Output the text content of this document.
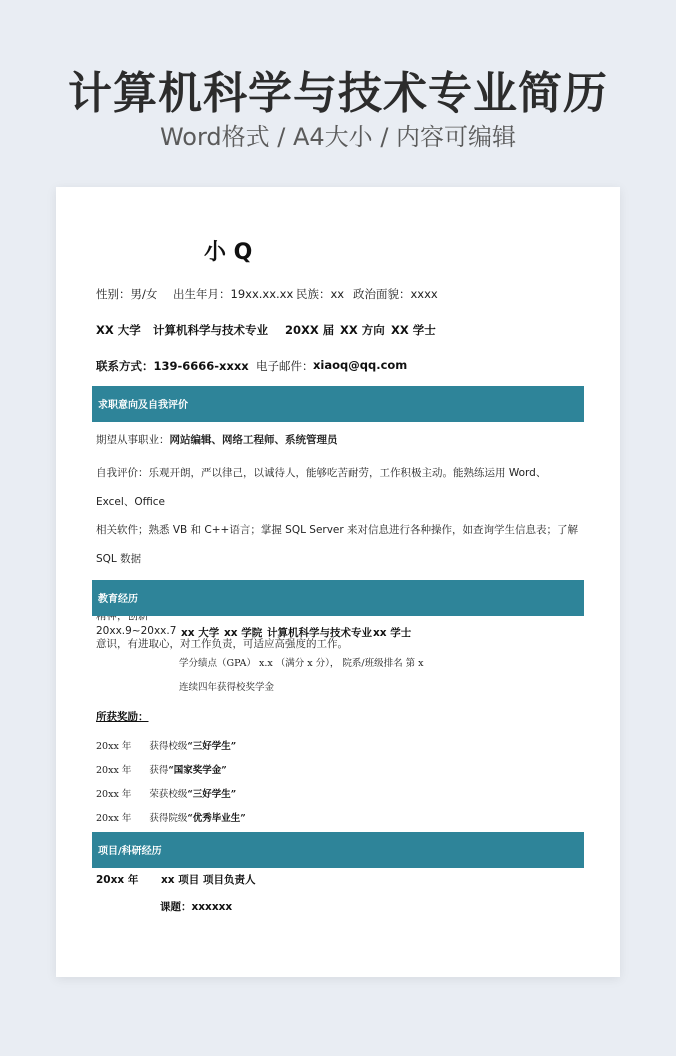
计算机科学与技术专业简历
Word格式 / A4大小 / 内容可编辑
小 Q
性别：男/女 出生年月：19xx.xx.xx 民族：xx 政治面貌：xxxx
XX 大学 计算机科学与技术专业 20XX 届 XX 方向 XX 学士
联系方式：139-6666-xxxx 电子邮件： xiaoq@qq.com
求职意向及自我评价
期望从事职业：网站编辑、网络工程师、系统管理员
自我评价：乐观开朗，严以律己，以诚待人，能够吃苦耐劳，工作积极主动。能熟练运用 Word、Excel、Office
相关软件；熟悉 VB 和 C++语言；掌握 SQL Server 来对信息进行各种操作，如查询学生信息表；了解 SQL 数据
意识，有进取心，对工作负责，可适应高强度的工作。
教育经历
20xx.9~20xx.7 xx 大学 xx 学院 计算机科学与技术专业 xx 学士
学分绩点（GPA） x.x （满分 x 分）， 院系/班级排名 第 x
连续四年获得校奖学金
所获奖励：
20xx 年 获得校级“三好学生”
20xx 年 获得“国家奖学金”
20xx 年 荣获校级“三好学生”
20xx 年 获得院级“优秀毕业生”
项目/科研经历
20xx 年 xx 项目 项目负责人
课题：xxxxxx
